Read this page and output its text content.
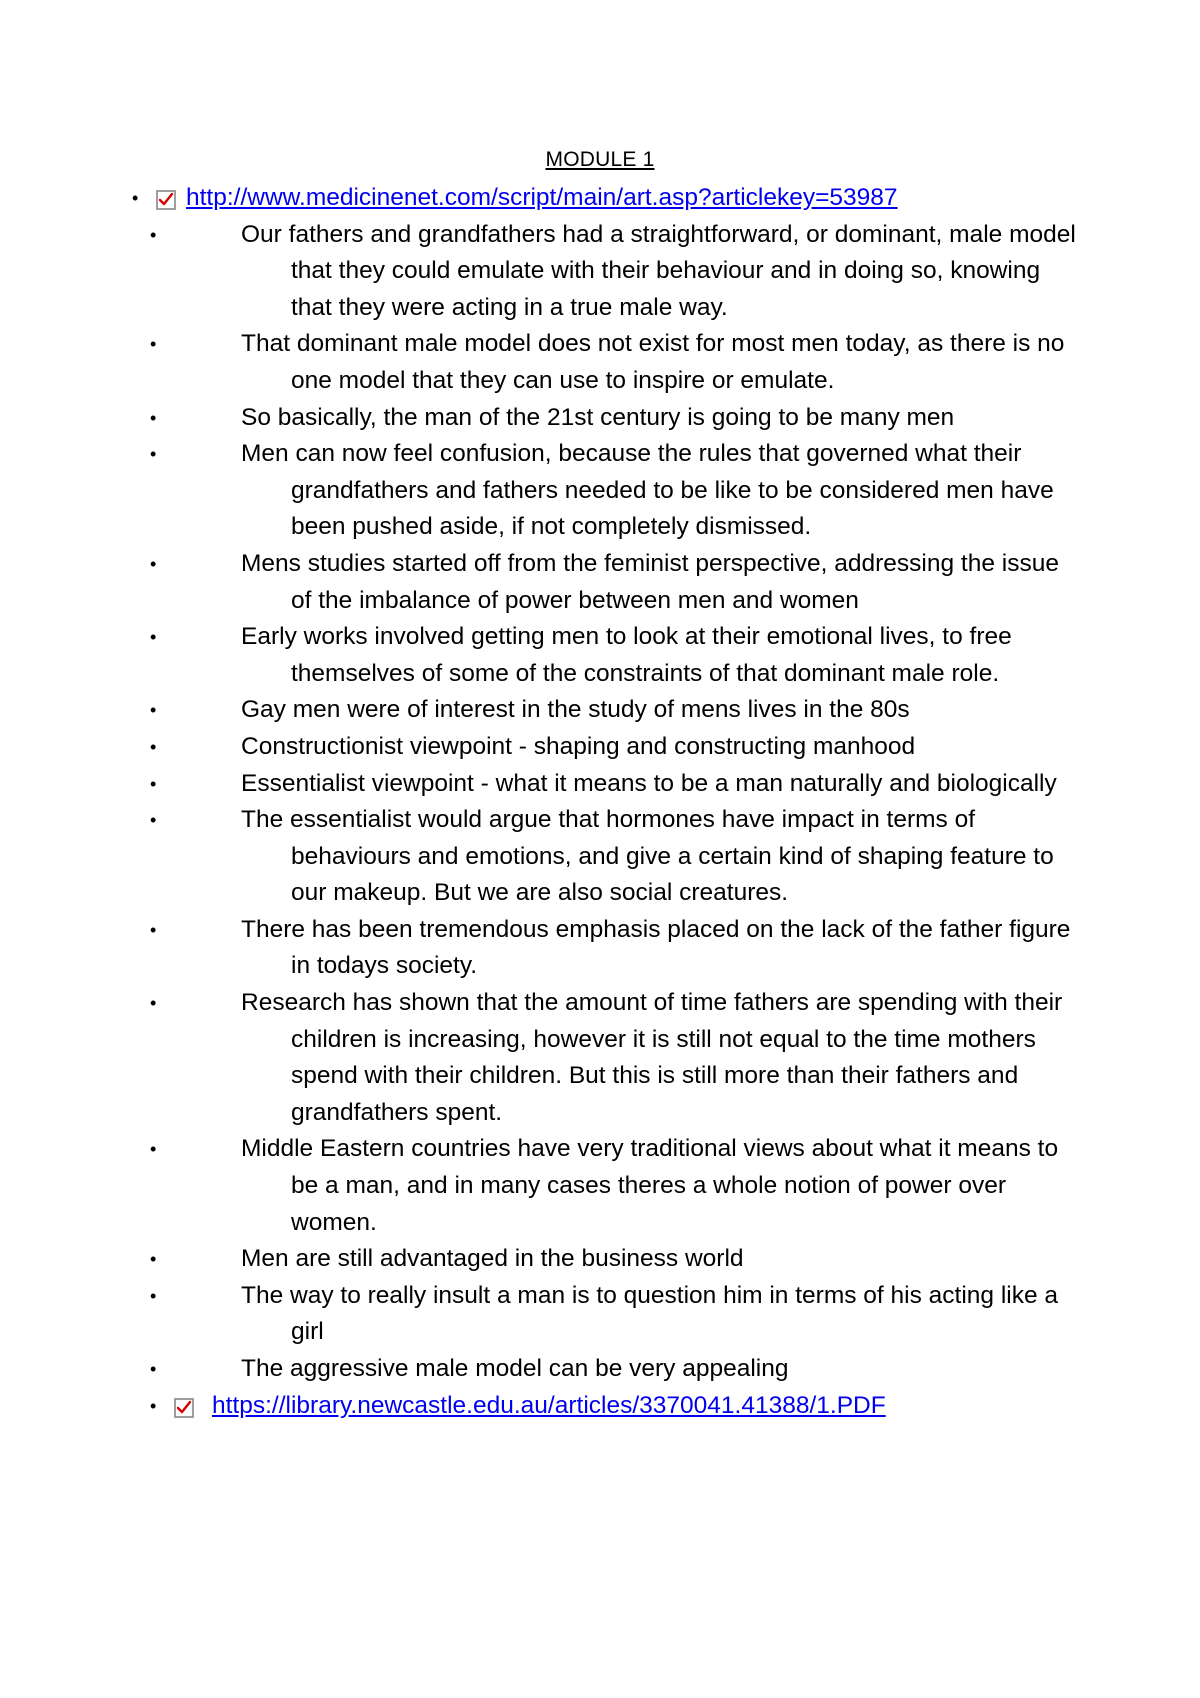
MODULE 1
•	http://www.medicinenet.com/script/main/art.asp?articlekey=53987
•	Our fathers and grandfathers had a straightforward, or dominant, male model that they could emulate with their behaviour and in doing so, knowing that they were acting in a true male way.
•	That dominant male model does not exist for most men today, as there is no one model that they can use to inspire or emulate.
•	So basically, the man of the 21st century is going to be many men
•	Men can now feel confusion, because the rules that governed what their grandfathers and fathers needed to be like to be considered men have been pushed aside, if not completely dismissed.
•	Mens studies started off from the feminist perspective, addressing the issue of the imbalance of power between men and women
•	Early works involved getting men to look at their emotional lives, to free themselves of some of the constraints of that dominant male role.
•	Gay men were of interest in the study of mens lives in the 80s
•	Constructionist viewpoint - shaping and constructing manhood
•	Essentialist viewpoint - what it means to be a man naturally and biologically
•	The essentialist would argue that hormones have impact in terms of behaviours and emotions, and give a certain kind of shaping feature to our makeup. But we are also social creatures.
•	There has been tremendous emphasis placed on the lack of the father figure in todays society.
•	Research has shown that the amount of time fathers are spending with their children is increasing, however it is still not equal to the time mothers spend with their children. But this is still more than their fathers and grandfathers spent.
•	Middle Eastern countries have very traditional views about what it means to be a man, and in many cases theres a whole notion of power over women.
•	Men are still advantaged in the business world
•	The way to really insult a man is to question him in terms of his acting like a girl
•	The aggressive male model can be very appealing
•	https://library.newcastle.edu.au/articles/3370041.41388/1.PDF
